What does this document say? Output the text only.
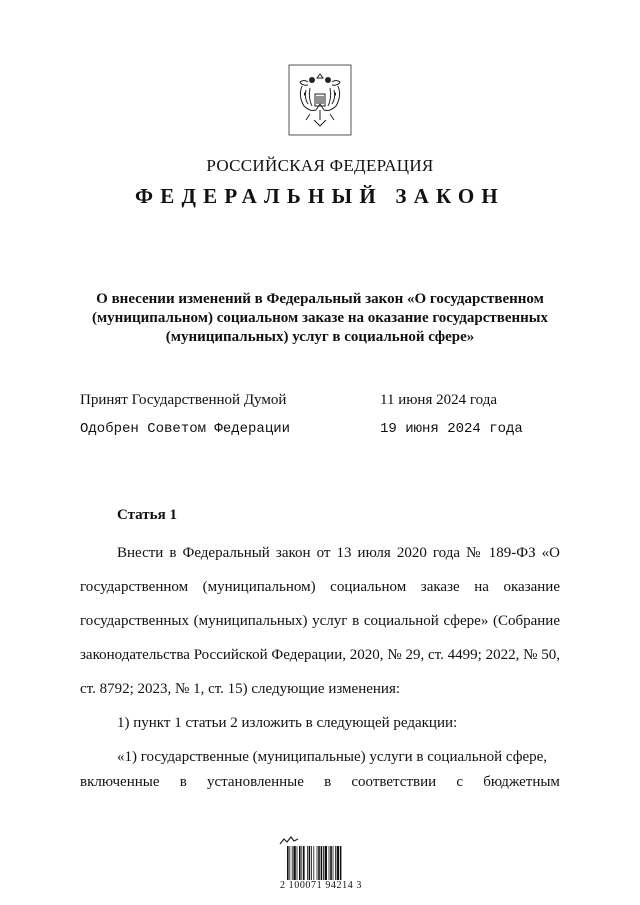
РОССИЙСКАЯ ФЕДЕРАЦИЯ
ФЕДЕРАЛЬНЫЙ ЗАКОН
О внесении изменений в Федеральный закон «О государственном (муниципальном) социальном заказе на оказание государственных (муниципальных) услуг в социальной сфере»
Принят Государственной Думой	11 июня 2024 года
Одобрен Советом Федерации	19 июня 2024 года
Статья 1
Внести в Федеральный закон от 13 июля 2020 года № 189-ФЗ «О государственном (муниципальном) социальном заказе на оказание государственных (муниципальных) услуг в социальной сфере» (Собрание законодательства Российской Федерации, 2020, № 29, ст. 4499; 2022, № 50, ст. 8792; 2023, № 1, ст. 15) следующие изменения:
1) пункт 1 статьи 2 изложить в следующей редакции:
«1) государственные (муниципальные) услуги в социальной сфере,
включенные в установленные в соответствии с бюджетным
2 100071 94214 3
